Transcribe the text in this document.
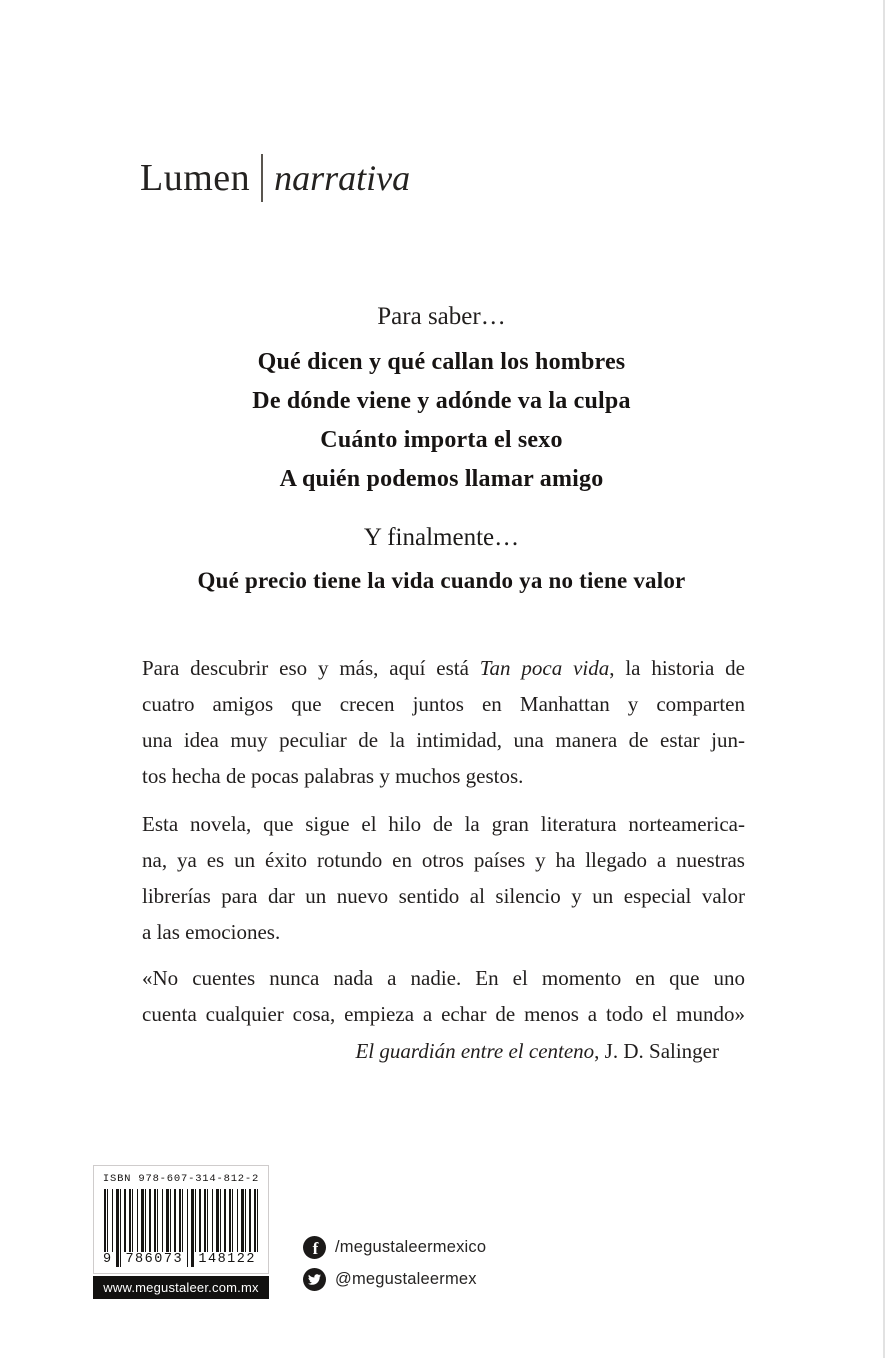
Lumen narrativa
Para saber…
Qué dicen y qué callan los hombres
De dónde viene y adónde va la culpa
Cuánto importa el sexo
A quién podemos llamar amigo
Y finalmente…
Qué precio tiene la vida cuando ya no tiene valor
Para descubrir eso y más, aquí está Tan poca vida, la historia de
cuatro amigos que crecen juntos en Manhattan y comparten
una idea muy peculiar de la intimidad, una manera de estar jun-
tos hecha de pocas palabras y muchos gestos.
Esta novela, que sigue el hilo de la gran literatura norteamerica-
na, ya es un éxito rotundo en otros países y ha llegado a nuestras
librerías para dar un nuevo sentido al silencio y un especial valor
a las emociones.
«No cuentes nunca nada a nadie. En el momento en que uno
cuenta cualquier cosa, empieza a echar de menos a todo el mundo»
El guardián entre el centeno, J. D. Salinger
ISBN 978-607-314-812-2
9 786073 148122
www.megustaleer.com.mx
f /megustaleermexico
@megustaleermex
